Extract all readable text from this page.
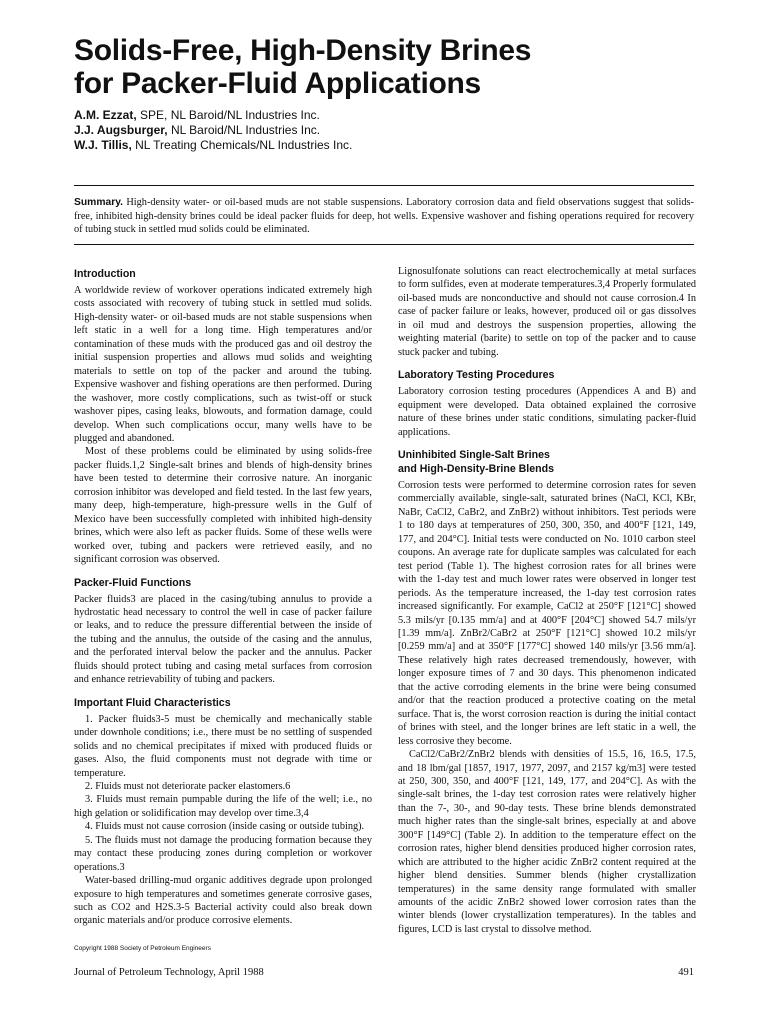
Solids-Free, High-Density Brines
for Packer-Fluid Applications
A.M. Ezzat, SPE, NL Baroid/NL Industries Inc.
J.J. Augsburger, NL Baroid/NL Industries Inc.
W.J. Tillis, NL Treating Chemicals/NL Industries Inc.

Summary. High-density water- or oil-based muds are not stable suspensions. Laboratory corrosion data and field observations suggest that solids-free, inhibited high-density brines could be ideal packer fluids for deep, hot wells. Expensive washover and fishing operations required for recovery of tubing stuck in settled mud solids could be eliminated.

Introduction

A worldwide review of workover operations indicated extremely high costs associated with recovery of tubing stuck in settled mud solids. High-density water- or oil-based muds are not stable suspensions when left static in a well for a long time. High temperatures and/or contamination of these muds with the produced gas and oil destroy the initial suspension properties and allows mud solids and weighting materials to settle on top of the packer and around the tubing. Expensive washover and fishing operations are then performed. During the washover, more costly complications, such as twist-off or stuck washover pipes, casing leaks, blowouts, and formation damage, could develop. When such complications occur, many wells have to be plugged and abandoned.

Most of these problems could be eliminated by using solids-free packer fluids.1,2 Single-salt brines and blends of high-density brines have been tested to determine their corrosive nature. An inorganic corrosion inhibitor was developed and field tested. In the last few years, many deep, high-temperature, high-pressure wells in the Gulf of Mexico have been successfully completed with inhibited high-density brines, which were also left as packer fluids. Some of these wells were worked over, tubing and packers were retrieved easily, and no significant corrosion was observed.

Packer-Fluid Functions

Packer fluids3 are placed in the casing/tubing annulus to provide a hydrostatic head necessary to control the well in case of packer failure or leaks, and to reduce the pressure differential between the inside of the tubing and the annulus, the outside of the casing and the annulus, and the perforated interval below the packer and the annulus. Packer fluids should protect tubing and casing metal surfaces from corrosion and enhance retrievability of tubing and packers.

Important Fluid Characteristics

1. Packer fluids3-5 must be chemically and mechanically stable under downhole conditions; i.e., there must be no settling of suspended solids and no chemical precipitates if mixed with produced fluids or gases. Also, the fluid components must not degrade with time or temperature.

2. Fluids must not deteriorate packer elastomers.6

3. Fluids must remain pumpable during the life of the well; i.e., no high gelation or solidification may develop over time.3,4

4. Fluids must not cause corrosion (inside casing or outside tubing).

5. The fluids must not damage the producing formation because they may contact these producing zones during completion or workover operations.3

Water-based drilling-mud organic additives degrade upon prolonged exposure to high temperatures and sometimes generate corrosive gases, such as CO2 and H2S.3-5 Bacterial activity could also break down organic materials and/or produce corrosive elements.

Lignosulfonate solutions can react electrochemically at metal surfaces to form sulfides, even at moderate temperatures.3,4 Properly formulated oil-based muds are nonconductive and should not cause corrosion.4 In case of packer failure or leaks, however, produced oil or gas dissolves in oil mud and destroys the suspension properties, allowing the weighting material (barite) to settle on top of the packer and to cause stuck packer and tubing.

Laboratory Testing Procedures

Laboratory corrosion testing procedures (Appendices A and B) and equipment were developed. Data obtained explained the corrosive nature of these brines under static conditions, simulating packer-fluid applications.

Uninhibited Single-Salt Brines
and High-Density-Brine Blends

Corrosion tests were performed to determine corrosion rates for seven commercially available, single-salt, saturated brines (NaCl, KCl, KBr, NaBr, CaCl2, CaBr2, and ZnBr2) without inhibitors. Test periods were 1 to 180 days at temperatures of 250, 300, 350, and 400°F [121, 149, 177, and 204°C]. Initial tests were conducted on No. 1010 carbon steel coupons. An average rate for duplicate samples was calculated for each test period (Table 1). The highest corrosion rates for all brines were with the 1-day test and much lower rates were observed in longer test periods. As the temperature increased, the 1-day test corrosion rates increased significantly. For example, CaCl2 at 250°F [121°C] showed 5.3 mils/yr [0.135 mm/a] and at 400°F [204°C] showed 54.7 mils/yr [1.39 mm/a]. ZnBr2/CaBr2 at 250°F [121°C] showed 10.2 mils/yr [0.259 mm/a] and at 350°F [177°C] showed 140 mils/yr [3.56 mm/a]. These relatively high rates decreased tremendously, however, with longer exposure times of 7 and 30 days. This phenomenon indicated that the active corroding elements in the brine were being consumed and/or that the reaction produced a protective coating on the metal surface. That is, the worst corrosion reaction is during the initial contact of brines with steel, and the longer brines are left static in a well, the less corrosive they become.

CaCl2/CaBr2/ZnBr2 blends with densities of 15.5, 16, 16.5, 17.5, and 18 lbm/gal [1857, 1917, 1977, 2097, and 2157 kg/m3] were tested at 250, 300, 350, and 400°F [121, 149, 177, and 204°C]. As with the single-salt brines, the 1-day test corrosion rates were relatively higher than the 7-, 30-, and 90-day tests. These brine blends demonstrated much higher rates than the single-salt brines, especially at and above 300°F [149°C] (Table 2). In addition to the temperature effect on the corrosion rates, higher blend densities produced higher corrosion rates, which are attributed to the higher acidic ZnBr2 content required at the higher blend densities. Summer blends (higher crystallization temperatures) in the same density range formulated with smaller amounts of the acidic ZnBr2 showed lower corrosion rates than the winter blends (lower crystallization temperatures). In the tables and figures, LCD is last crystal to dissolve method.

Copyright 1988 Society of Petroleum Engineers
Journal of Petroleum Technology, April 1988	491
